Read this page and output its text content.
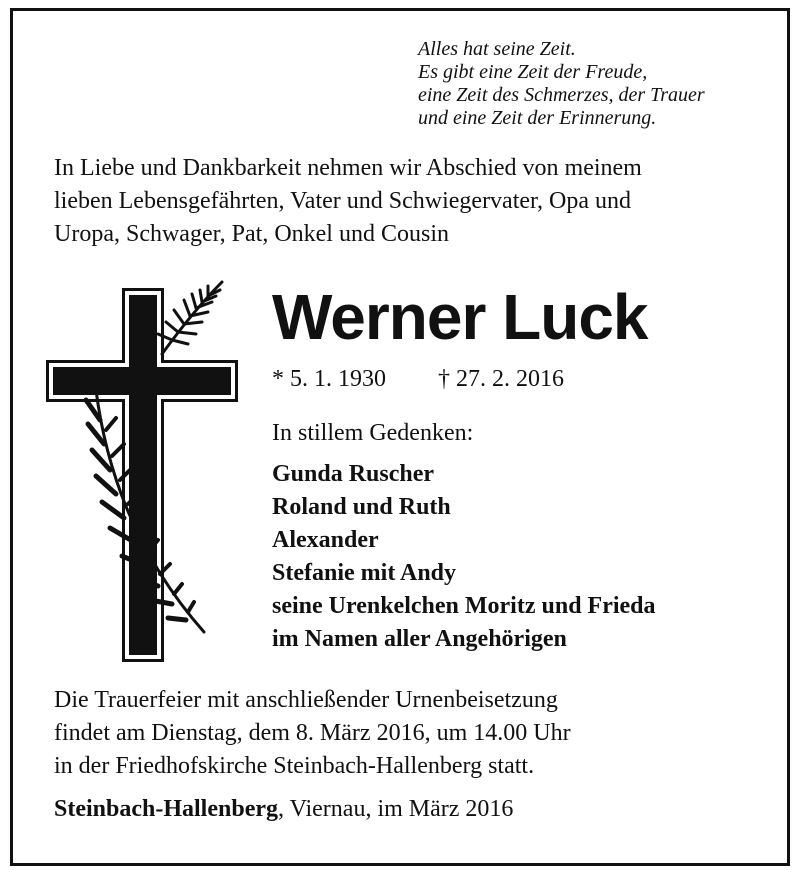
Alles hat seine Zeit.
Es gibt eine Zeit der Freude,
eine Zeit des Schmerzes, der Trauer
und eine Zeit der Erinnerung.
In Liebe und Dankbarkeit nehmen wir Abschied von meinem
lieben Lebensgefährten, Vater und Schwiegervater, Opa und
Uropa, Schwager, Pat, Onkel und Cousin
Werner Luck
* 5. 1. 1930 † 27. 2. 2016
In stillem Gedenken:
Gunda Ruscher
Roland und Ruth
Alexander
Stefanie mit Andy
seine Urenkelchen Moritz und Frieda
im Namen aller Angehörigen
Die Trauerfeier mit anschließender Urnenbeisetzung
findet am Dienstag, dem 8. März 2016, um 14.00 Uhr
in der Friedhofskirche Steinbach-Hallenberg statt.
Steinbach-Hallenberg, Viernau, im März 2016
